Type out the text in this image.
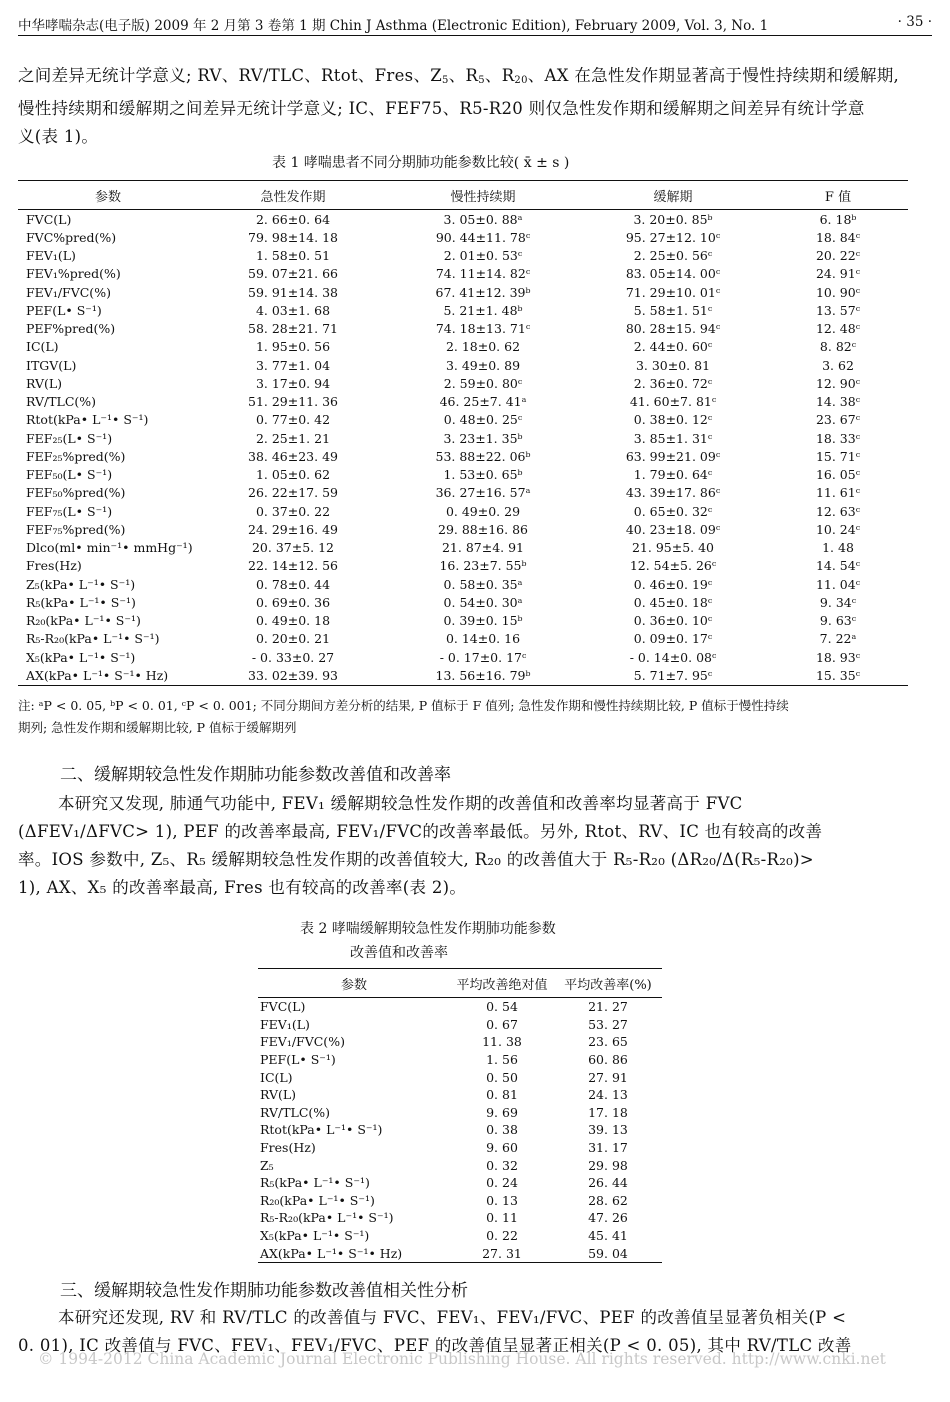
中华哮喘杂志(电子版) 2009 年 2 月第 3 卷第 1 期 Chin J Asthma (Electronic Edition), February 2009, Vol. 3, No. 1	· 35 ·
之间差异无统计学意义; RV、RV/TLC、Rtot、Fres、$Z_5$、$R_5$、$R_{20}$、AX 在急性发作期显著高于慢性持续期和缓解期,
慢性持续期和缓解期之间差异无统计学意义; IC、FEF75、R5-R20 则仅急性发作期和缓解期之间差异有统计学意
义(表 1)。
表 1 哮喘患者不同分期肺功能参数比较( x̄ ± s )
参数	急性发作期	慢性持续期	缓解期	F 值
FVC(L)	2. 66±0. 64	3. 05±0. 88ᵃ	3. 20±0. 85ᵇ	6. 18ᵇ
FVC%pred(%)	79. 98±14. 18	90. 44±11. 78ᶜ	95. 27±12. 10ᶜ	18. 84ᶜ
FEV₁(L)	1. 58±0. 51	2. 01±0. 53ᶜ	2. 25±0. 56ᶜ	20. 22ᶜ
FEV₁%pred(%)	59. 07±21. 66	74. 11±14. 82ᶜ	83. 05±14. 00ᶜ	24. 91ᶜ
FEV₁/FVC(%)	59. 91±14. 38	67. 41±12. 39ᵇ	71. 29±10. 01ᶜ	10. 90ᶜ
PEF(L• S⁻¹)	4. 03±1. 68	5. 21±1. 48ᵇ	5. 58±1. 51ᶜ	13. 57ᶜ
PEF%pred(%)	58. 28±21. 71	74. 18±13. 71ᶜ	80. 28±15. 94ᶜ	12. 48ᶜ
IC(L)	1. 95±0. 56	2. 18±0. 62	2. 44±0. 60ᶜ	8. 82ᶜ
ITGV(L)	3. 77±1. 04	3. 49±0. 89	3. 30±0. 81	3. 62
RV(L)	3. 17±0. 94	2. 59±0. 80ᶜ	2. 36±0. 72ᶜ	12. 90ᶜ
RV/TLC(%)	51. 29±11. 36	46. 25±7. 41ᵃ	41. 60±7. 81ᶜ	14. 38ᶜ
Rtot(kPa• L⁻¹• S⁻¹)	0. 77±0. 42	0. 48±0. 25ᶜ	0. 38±0. 12ᶜ	23. 67ᶜ
FEF₂₅(L• S⁻¹)	2. 25±1. 21	3. 23±1. 35ᵇ	3. 85±1. 31ᶜ	18. 33ᶜ
FEF₂₅%pred(%)	38. 46±23. 49	53. 88±22. 06ᵇ	63. 99±21. 09ᶜ	15. 71ᶜ
FEF₅₀(L• S⁻¹)	1. 05±0. 62	1. 53±0. 65ᵇ	1. 79±0. 64ᶜ	16. 05ᶜ
FEF₅₀%pred(%)	26. 22±17. 59	36. 27±16. 57ᵃ	43. 39±17. 86ᶜ	11. 61ᶜ
FEF₇₅(L• S⁻¹)	0. 37±0. 22	0. 49±0. 29	0. 65±0. 32ᶜ	12. 63ᶜ
FEF₇₅%pred(%)	24. 29±16. 49	29. 88±16. 86	40. 23±18. 09ᶜ	10. 24ᶜ
Dlco(ml• min⁻¹• mmHg⁻¹)	20. 37±5. 12	21. 87±4. 91	21. 95±5. 40	1. 48
Fres(Hz)	22. 14±12. 56	16. 23±7. 55ᵇ	12. 54±5. 26ᶜ	14. 54ᶜ
Z₅(kPa• L⁻¹• S⁻¹)	0. 78±0. 44	0. 58±0. 35ᵃ	0. 46±0. 19ᶜ	11. 04ᶜ
R₅(kPa• L⁻¹• S⁻¹)	0. 69±0. 36	0. 54±0. 30ᵃ	0. 45±0. 18ᶜ	9. 34ᶜ
R₂₀(kPa• L⁻¹• S⁻¹)	0. 49±0. 18	0. 39±0. 15ᵇ	0. 36±0. 10ᶜ	9. 63ᶜ
R₅-R₂₀(kPa• L⁻¹• S⁻¹)	0. 20±0. 21	0. 14±0. 16	0. 09±0. 17ᶜ	7. 22ᵃ
X₅(kPa• L⁻¹• S⁻¹)	- 0. 33±0. 27	- 0. 17±0. 17ᶜ	- 0. 14±0. 08ᶜ	18. 93ᶜ
AX(kPa• L⁻¹• S⁻¹• Hz)	33. 02±39. 93	13. 56±16. 79ᵇ	5. 71±7. 95ᶜ	15. 35ᶜ
注: ᵃP < 0. 05, ᵇP < 0. 01, ᶜP < 0. 001; 不同分期间方差分析的结果, P 值标于 F 值列; 急性发作期和慢性持续期比较, P 值标于慢性持续
期列; 急性发作期和缓解期比较, P 值标于缓解期列
二、缓解期较急性发作期肺功能参数改善值和改善率
本研究又发现, 肺通气功能中, FEV₁ 缓解期较急性发作期的改善值和改善率均显著高于 FVC
(ΔFEV₁/ΔFVC> 1), PEF 的改善率最高, FEV₁/FVC的改善率最低。另外, Rtot、RV、IC 也有较高的改善
率。IOS 参数中, Z₅、R₅ 缓解期较急性发作期的改善值较大, R₂₀ 的改善值大于 R₅-R₂₀ (ΔR₂₀/Δ(R₅-R₂₀)>
1), AX、X₅ 的改善率最高, Fres 也有较高的改善率(表 2)。
表 2 哮喘缓解期较急性发作期肺功能参数
改善值和改善率
参数	平均改善绝对值	平均改善率(%)
FVC(L)	0. 54	21. 27
FEV₁(L)	0. 67	53. 27
FEV₁/FVC(%)	11. 38	23. 65
PEF(L• S⁻¹)	1. 56	60. 86
IC(L)	0. 50	27. 91
RV(L)	0. 81	24. 13
RV/TLC(%)	9. 69	17. 18
Rtot(kPa• L⁻¹• S⁻¹)	0. 38	39. 13
Fres(Hz)	9. 60	31. 17
Z₅	0. 32	29. 98
R₅(kPa• L⁻¹• S⁻¹)	0. 24	26. 44
R₂₀(kPa• L⁻¹• S⁻¹)	0. 13	28. 62
R₅-R₂₀(kPa• L⁻¹• S⁻¹)	0. 11	47. 26
X₅(kPa• L⁻¹• S⁻¹)	0. 22	45. 41
AX(kPa• L⁻¹• S⁻¹• Hz)	27. 31	59. 04
三、缓解期较急性发作期肺功能参数改善值相关性分析
本研究还发现, RV 和 RV/TLC 的改善值与 FVC、FEV₁、FEV₁/FVC、PEF 的改善值呈显著负相关(P <
0. 01), IC 改善值与 FVC、FEV₁、FEV₁/FVC、PEF 的改善值呈显著正相关(P < 0. 05), 其中 RV/TLC 改善
© 1994-2012 China Academic Journal Electronic Publishing House. All rights reserved. http://www.cnki.net
